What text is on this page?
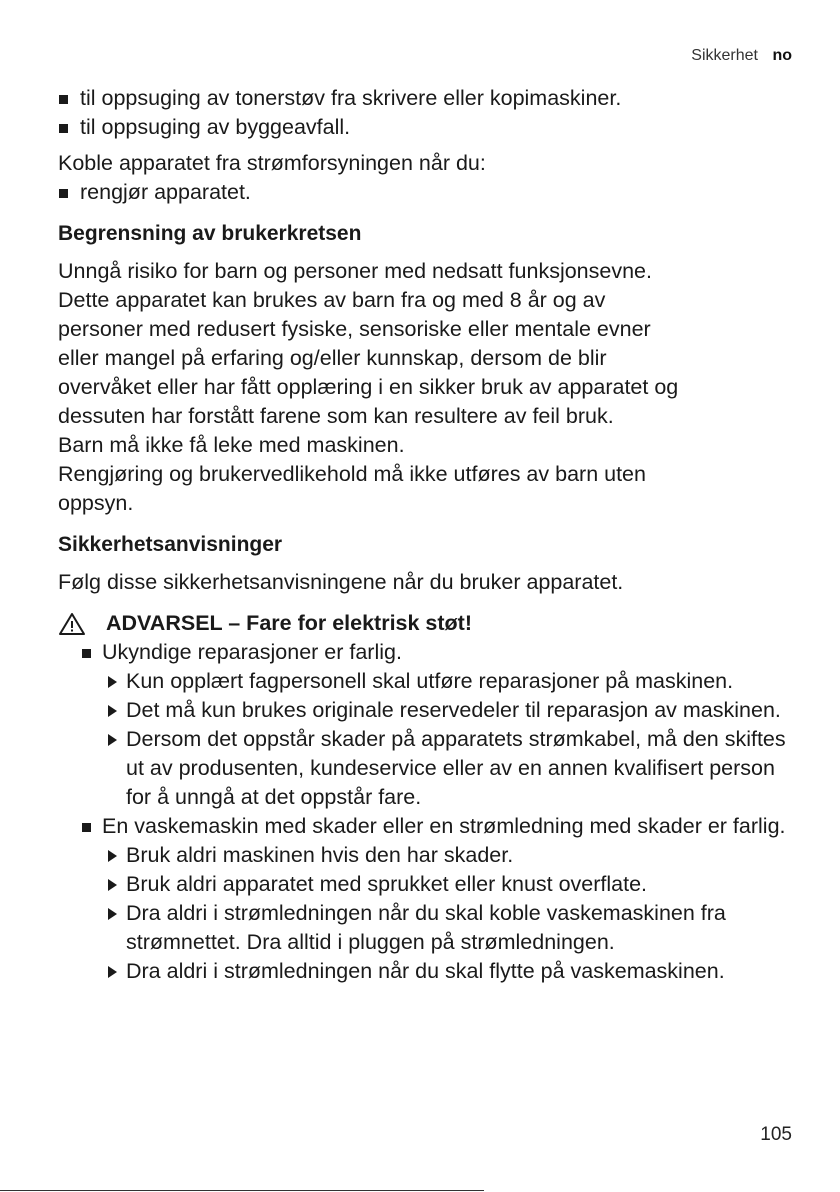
Sikkerhet no
til oppsuging av tonerstøv fra skrivere eller kopimaskiner.
til oppsuging av byggeavfall.

Koble apparatet fra strømforsyningen når du:

rengjør apparatet.
Begrensning av brukerkretsen
Unngå risiko for barn og personer med nedsatt funksjonsevne.
Dette apparatet kan brukes av barn fra og med 8 år og av
personer med redusert fysiske, sensoriske eller mentale evner
eller mangel på erfaring og/eller kunnskap, dersom de blir
overvåket eller har fått opplæring i en sikker bruk av apparatet og
dessuten har forstått farene som kan resultere av feil bruk.
Barn må ikke få leke med maskinen.
Rengjøring og brukervedlikehold må ikke utføres av barn uten
oppsyn.
Sikkerhetsanvisninger

Følg disse sikkerhetsanvisningene når du bruker apparatet.

ADVARSEL – Fare for elektrisk støt!
Ukyndige reparasjoner er farlig.
Kun opplært fagpersonell skal utføre reparasjoner på maskinen.
Det må kun brukes originale reservedeler til reparasjon av maskinen.
Dersom det oppstår skader på apparatets strømkabel, må den skiftes ut av produsenten, kundeservice eller av en annen kvalifisert person for å unngå at det oppstår fare.
En vaskemaskin med skader eller en strømledning med skader er farlig.
Bruk aldri maskinen hvis den har skader.
Bruk aldri apparatet med sprukket eller knust overflate.
Dra aldri i strømledningen når du skal koble vaskemaskinen fra strømnettet. Dra alltid i pluggen på strømledningen.
Dra aldri i strømledningen når du skal flytte på vaskemaskinen.
105
